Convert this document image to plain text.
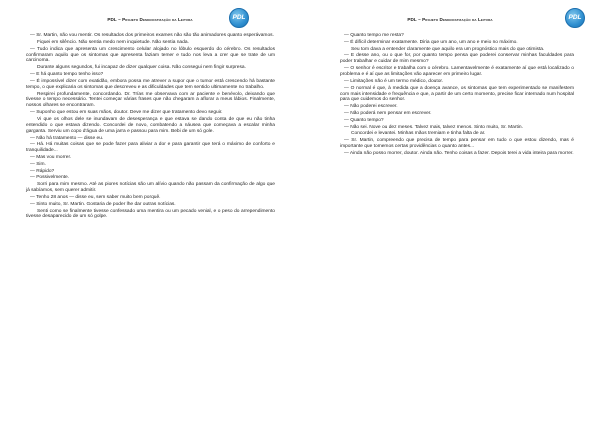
PDL – Projeto Democratização da Leitura	PDL

— Sr. Martin, não vou mentir. Os resultados dos primeiros exames não são tão animadores quanto esperávamos.

Fiquei em silêncio. Não sentia medo nem inquietude. Não sentia nada.

— Tudo indica que apresenta um crescimento celular alojado no lóbulo esquerdo do cérebro. Os resultados confirmaram aquilo que os sintomas que apresenta faziam temer e tudo nos leva a crer que se trate de um carcinoma.

Durante alguns segundos, fui incapaz de dizer qualquer coisa. Não consegui nem fingir surpresa.

— E há quanto tempo tenho isso?

— É impossível dizer com exatidão, embora possa me atrever a supor que o tumor está crescendo há bastante tempo, o que explicaria os sintomas que descreveu e as dificuldades que tem sentido ultimamente no trabalho.

Respirei profundamente, concordando. Dr. Trías me observava com ar paciente e benévolo, deixando que tivesse o tempo necessário. Tentei começar várias frases que não chegaram a aflorar a meus lábios. Finalmente, nossos olhares se encontraram.

— Suponho que estou em suas mãos, doutor. Deve me dizer que tratamento devo seguir.

Vi que os olhos dele se inundavam de desesperança e que estava se dando conta de que eu não tinha entendido o que estava dizendo. Concordei de novo, combatendo a náusea que começava a escalar minha garganta. Serviu um copo d'água de uma jarra e passou para mim. Bebi de um só gole.

— Não há tratamento — disse eu.

— Há. Há muitas coisas que se pode fazer para aliviar a dor e para garantir que terá o máximo de conforto e tranquilidade...

— Mas vou morrer.

— Sim.

— Rápido?

— Possivelmente.

Sorri para mim mesmo. Até as piores notícias são um alívio quando não passam da confirmação de algo que já sabíamos, sem querer admitir.

— Tenho 28 anos — disse eu, sem saber muito bem porquê.

— Sinto muito, Sr. Martin. Gostaria de poder lhe dar outras notícias.

Senti como se finalmente tivesse confessado uma mentira ou um pecado venial, e o peso do arrependimento tivesse desaparecido de um só golpe.

PDL – Projeto Democratização da Leitura	PDL

— Quanto tempo me resta?

— É difícil determinar exatamente. Diria que um ano, um ano e meio no máximo.

Seu tom dava a entender claramente que aquilo era um prognóstico mais do que otimista.

— E desse ano, ou o que for, por quanto tempo pensa que poderei conservar minhas faculdades para poder trabalhar e cuidar de mim mesmo?

— O senhor é escritor e trabalha com o cérebro. Lamentavelmente é exatamente aí que está localizado o problema e é aí que as limitações vão aparecer em primeiro lugar.

— Limitações não é um termo médico, doutor.

— O normal é que, à medida que a doença avance, os sintomas que tem experimentado se manifestem com mais intensidade e frequência e que, a partir de um certo momento, precise ficar internado num hospital para que cuidemos do senhor.

— Não poderei escrever.

— Não poderá nem pensar em escrever.

— Quanto tempo?

— Não sei. Nove ou dez meses. Talvez mais, talvez menos. Sinto muito, Sr. Martin.

Concordei e levantei. Minhas mãos tremiam e tinha falta de ar.

— Sr. Martin, compreendo que precisa de tempo para pensar em tudo o que estou dizendo, mas é importante que tomemos certas providências o quanto antes...

— Ainda não posso morrer, doutor. Ainda não. Tenho coisas a fazer. Depois terei a vida inteira para morrer.
